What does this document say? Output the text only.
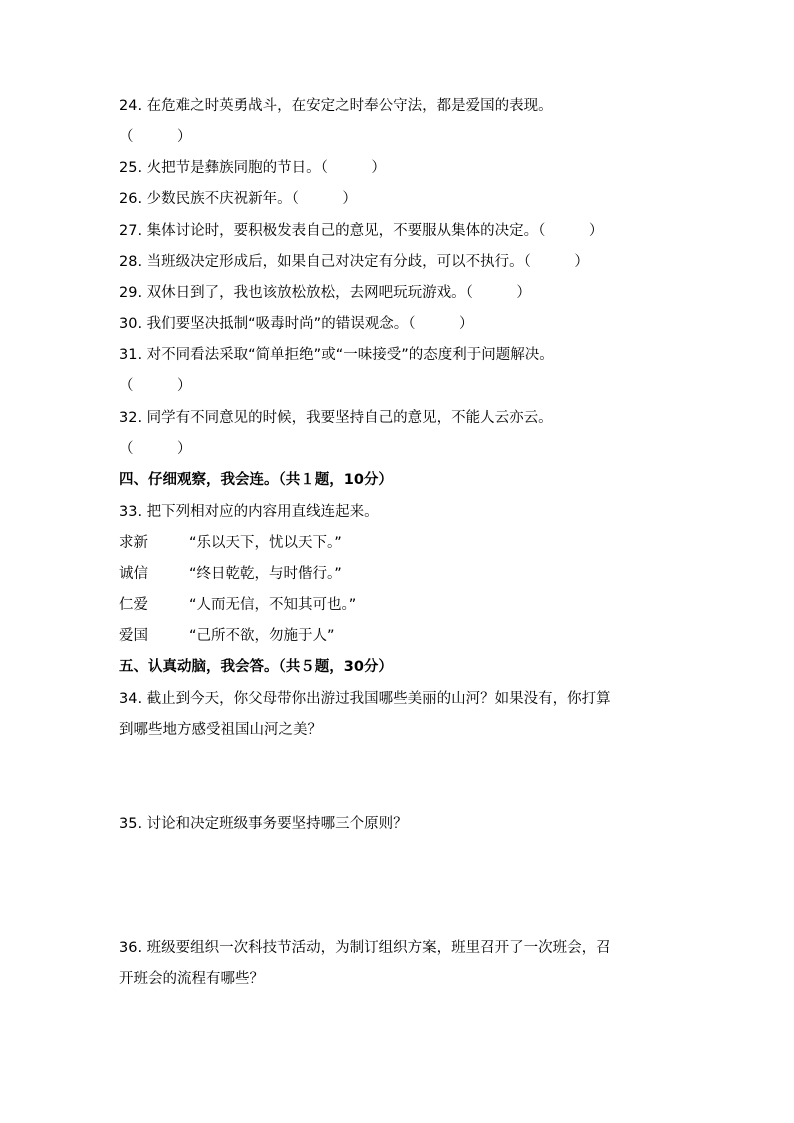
24. 在危难之时英勇战斗，在安定之时奉公守法，都是爱国的表现。
（　　　）
25. 火把节是彝族同胞的节日。（　　　）
26. 少数民族不庆祝新年。（　　　）
27. 集体讨论时，要积极发表自己的意见，不要服从集体的决定。（　　　）
28. 当班级决定形成后，如果自己对决定有分歧，可以不执行。（　　　）
29. 双休日到了，我也该放松放松，去网吧玩玩游戏。（　　　）
30. 我们要坚决抵制“吸毒时尚”的错误观念。（　　　）
31. 对不同看法采取“简单拒绝”或“一味接受”的态度利于问题解决。
（　　　）
32. 同学有不同意见的时候，我要坚持自己的意见，不能人云亦云。
（　　　）
四、仔细观察，我会连。（共１题，10分）
33. 把下列相对应的内容用直线连起来。
求新	“乐以天下，忧以天下。”
诚信	“终日乾乾，与时偕行。”
仁爱	“人而无信，不知其可也。”
爱国	“己所不欲，勿施于人”
五、认真动脑，我会答。（共５题，30分）
34. 截止到今天，你父母带你出游过我国哪些美丽的山河？如果没有，你打算
到哪些地方感受祖国山河之美？
35. 讨论和决定班级事务要坚持哪三个原则？
36. 班级要组织一次科技节活动，为制订组织方案，班里召开了一次班会，召
开班会的流程有哪些？
